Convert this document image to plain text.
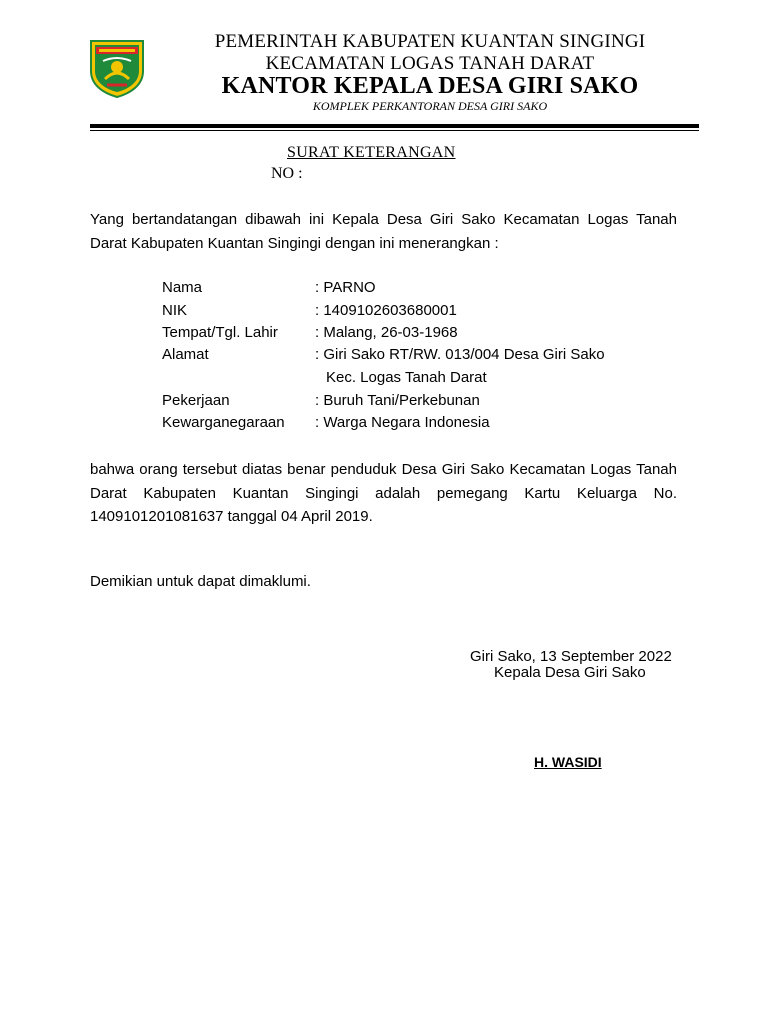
PEMERINTAH KABUPATEN KUANTAN SINGINGI
KECAMATAN LOGAS TANAH DARAT
KANTOR KEPALA DESA GIRI SAKO
KOMPLEK PERKANTORAN DESA GIRI SAKO
SURAT KETERANGAN
NO :
Yang bertandatangan dibawah ini Kepala Desa Giri Sako Kecamatan Logas Tanah Darat Kabupaten Kuantan Singingi dengan ini menerangkan :
Nama	: PARNO
NIK	: 1409102603680001
Tempat/Tgl. Lahir : Malang, 26-03-1968
Alamat	: Giri Sako RT/RW. 013/004 Desa Giri Sako
Kec. Logas Tanah Darat
Pekerjaan	: Buruh Tani/Perkebunan
Kewarganegaraan : Warga Negara Indonesia
bahwa orang tersebut diatas benar penduduk Desa Giri Sako Kecamatan Logas Tanah Darat Kabupaten Kuantan Singingi adalah pemegang Kartu Keluarga No. 1409101201081637 tanggal 04 April 2019.
Demikian untuk dapat dimaklumi.
Giri Sako, 13 September 2022
Kepala Desa Giri Sako
H. WASIDI
